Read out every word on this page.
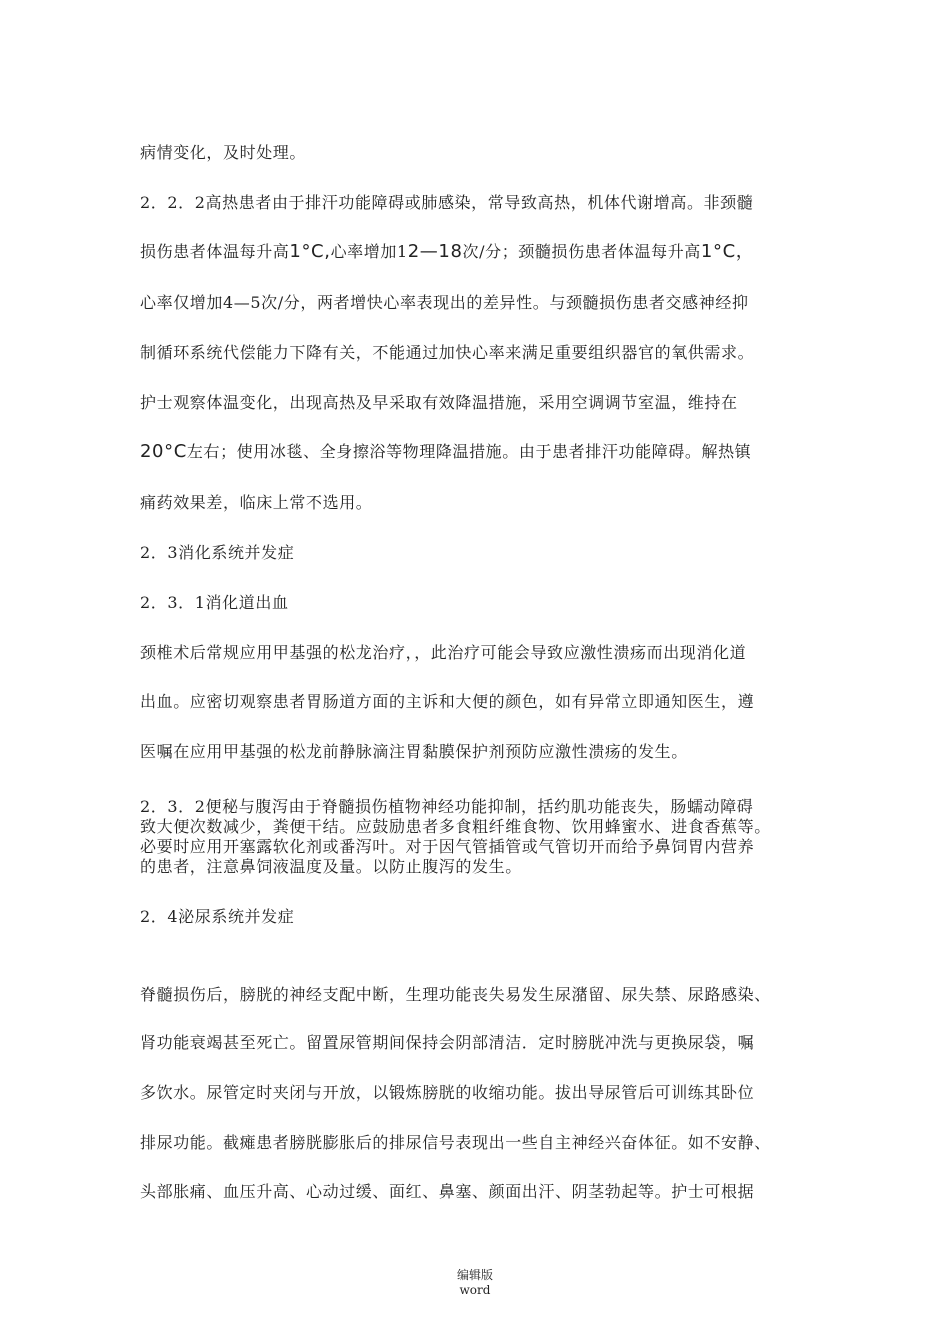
病情变化，及时处理。
2．2．2高热患者由于排汗功能障碍或肺感染，常导致高热，机体代谢增高。非颈髓
损伤患者体温每升高1°C,心率增加12—18次/分；颈髓损伤患者体温每升高1°C，
心率仅增加4—5次/分，两者增快心率表现出的差异性。与颈髓损伤患者交感神经抑
制循环系统代偿能力下降有关，不能通过加快心率来满足重要组织器官的氧供需求。
护士观察体温变化，出现高热及早采取有效降温措施，采用空调调节室温，维持在
20°C左右；使用冰毯、全身擦浴等物理降温措施。由于患者排汗功能障碍。解热镇
痛药效果差，临床上常不选用。
2．3消化系统并发症
2．3．1消化道出血
颈椎术后常规应用甲基强的松龙治疗，，此治疗可能会导致应激性溃疡而出现消化道
出血。应密切观察患者胃肠道方面的主诉和大便的颜色，如有异常立即通知医生，遵
医嘱在应用甲基强的松龙前静脉滴注胃黏膜保护剂预防应激性溃疡的发生。
2．3．2便秘与腹泻由于脊髓损伤植物神经功能抑制，括约肌功能丧失，肠蠕动障碍
致大便次数减少，粪便干结。应鼓励患者多食粗纤维食物、饮用蜂蜜水、进食香蕉等。
必要时应用开塞露软化剂或番泻叶。对于因气管插管或气管切开而给予鼻饲胃内营养
的患者，注意鼻饲液温度及量。以防止腹泻的发生。
2．4泌尿系统并发症
脊髓损伤后，膀胱的神经支配中断，生理功能丧失易发生尿潴留、尿失禁、尿路感染、
肾功能衰竭甚至死亡。留置尿管期间保持会阴部清洁．定时膀胱冲洗与更换尿袋，嘱
多饮水。尿管定时夹闭与开放，以锻炼膀胱的收缩功能。拔出导尿管后可训练其卧位
排尿功能。截瘫患者膀胱膨胀后的排尿信号表现出一些自主神经兴奋体征。如不安静、
头部胀痛、血压升高、心动过缓、面红、鼻塞、颜面出汗、阴茎勃起等。护士可根据
编辑版
word
